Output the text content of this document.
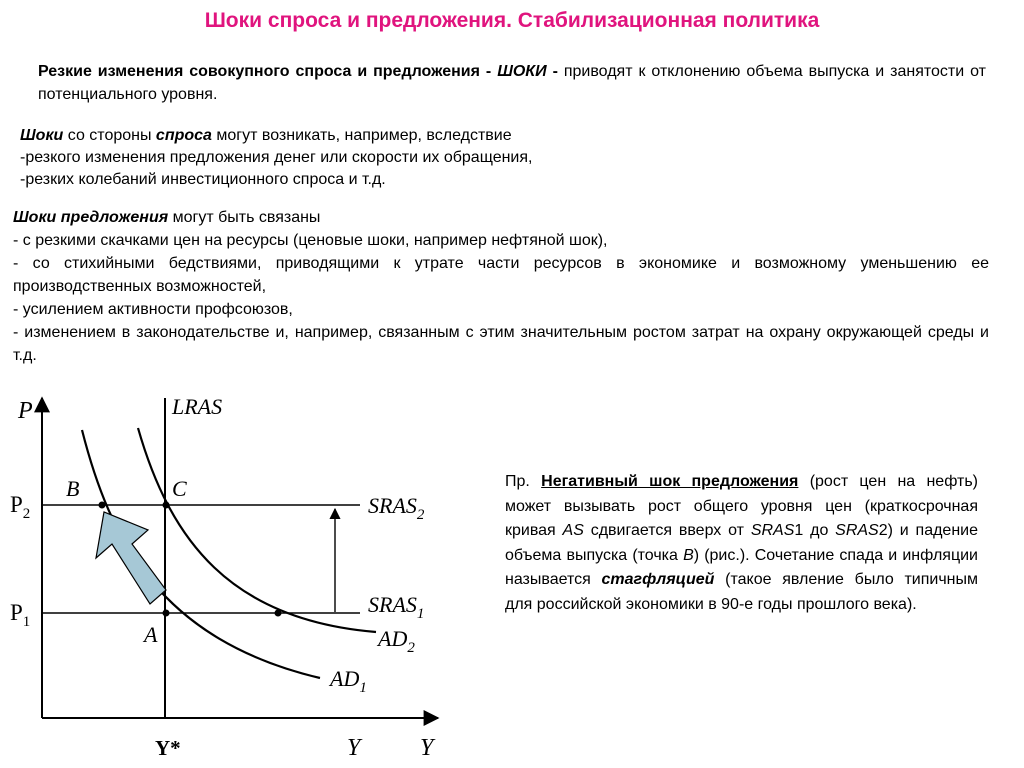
Шоки спроса и предложения. Стабилизационная политика
Резкие изменения совокупного спроса и предложения - ШОКИ - приводят к отклонению объема выпуска и занятости от потенциального уровня.
Шоки со стороны спроса могут возникать, например, вследствие
-резкого изменения предложения денег или скорости их обращения,
-резких колебаний инвестиционного спроса и т.д.
Шоки предложения могут быть связаны
- с резкими скачками цен на ресурсы (ценовые шоки, например нефтяной шок),
- со стихийными бедствиями, приводящими к утрате части ресурсов в экономике и возможному уменьшению ее производственных возможностей,
- усилением активности профсоюзов,
- изменением в законодательстве и, например, связанным с этим значительным ростом затрат на охрану окружающей среды и т.д.
Пр. Негативный шок предложения (рост цен на нефть) может вызывать рост общего уровня цен (краткосрочная кривая AS сдвигается вверх от SRAS1 до SRAS2) и падение объема выпуска (точка B) (рис.). Сочетание спада и инфляции называется стагфляцией (такое явление было типичным для российской экономики в 90-е годы прошлого века).
P
Y
Y
Y*
LRAS
$P_2$
$P_1$
$SRAS_2$
$SRAS_1$
$AD_2$
$AD_1$
B	C
A
